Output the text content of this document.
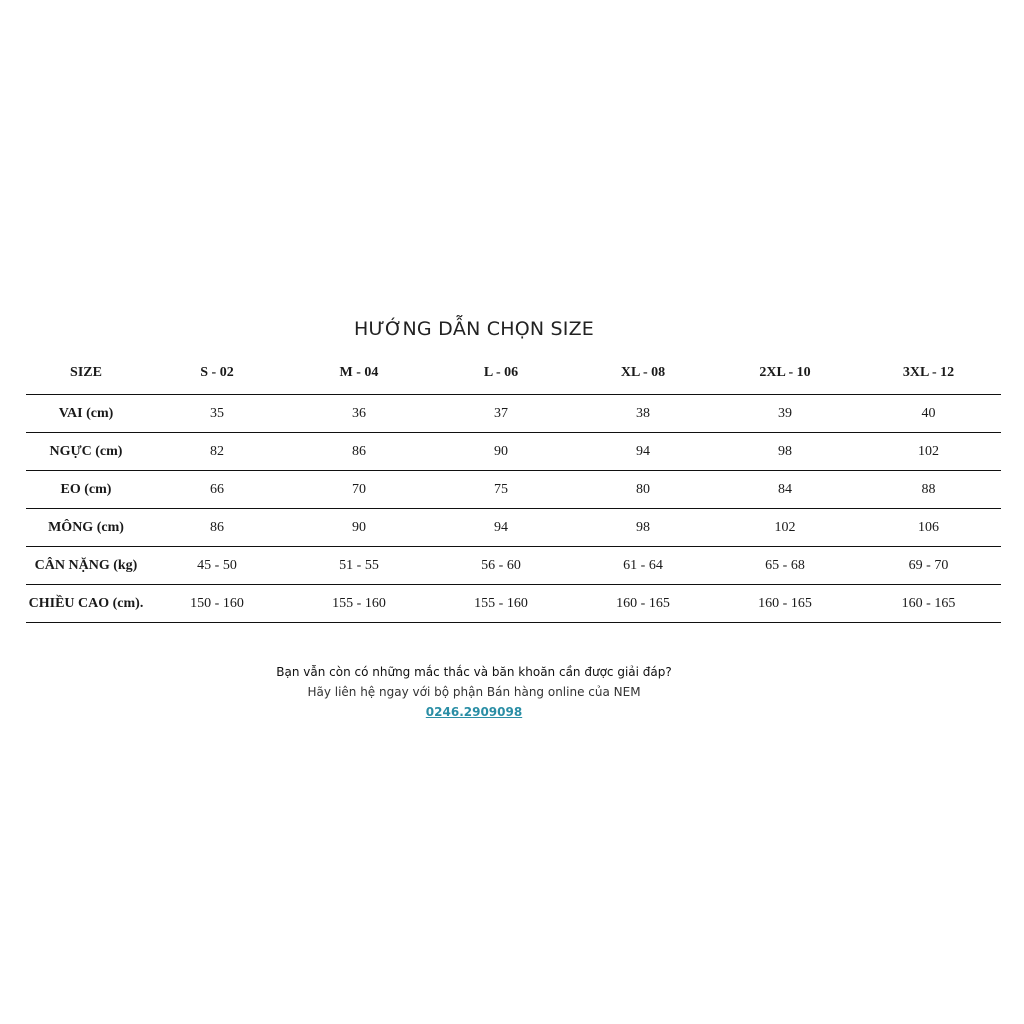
HƯỚNG DẪN CHỌN SIZE
SIZE	S - 02	M - 04	L - 06	XL - 08	2XL - 10	3XL - 12
VAI (cm)	35	36	37	38	39	40
NGỰC (cm)	82	86	90	94	98	102
EO (cm)	66	70	75	80	84	88
MÔNG (cm)	86	90	94	98	102	106
CÂN NẶNG (kg)	45 - 50	51 - 55	56 - 60	61 - 64	65 - 68	69 - 70
CHIỀU CAO (cm).	150 - 160	155 - 160	155 - 160	160 - 165	160 - 165	160 - 165
Bạn vẫn còn có những mắc thắc và băn khoăn cần được giải đáp?
Hãy liên hệ ngay với bộ phận Bán hàng online của NEM
0246.2909098
